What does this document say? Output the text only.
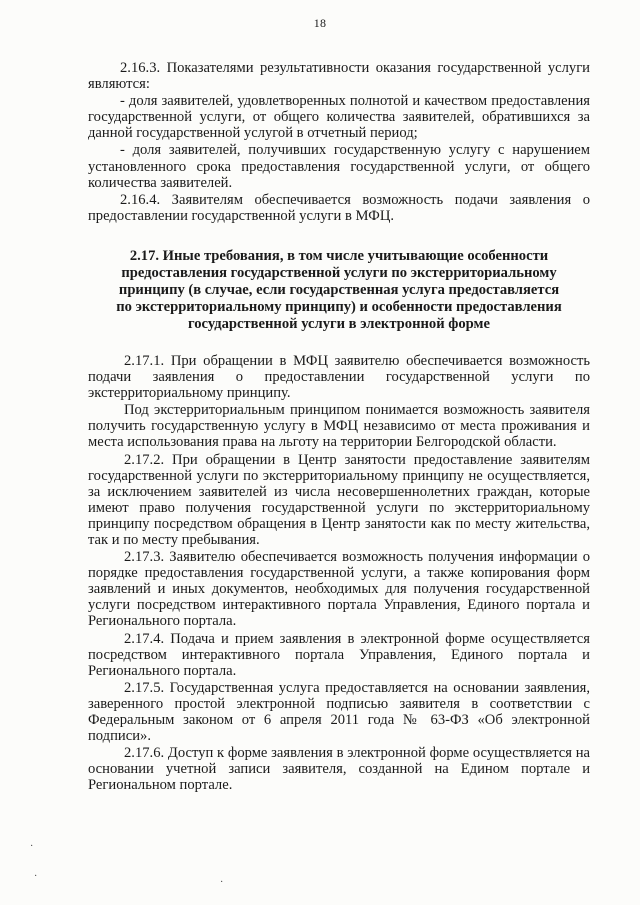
18

2.16.3. Показателями результативности оказания государственной услуги являются:

- доля заявителей, удовлетворенных полнотой и качеством предоставления государственной услуги, от общего количества заявителей, обратившихся за данной государственной услугой в отчетный период;

- доля заявителей, получивших государственную услугу с нарушением установленного срока предоставления государственной услуги, от общего количества заявителей.

2.16.4. Заявителям обеспечивается возможность подачи заявления о предоставлении государственной услуги в МФЦ.

2.17. Иные требования, в том числе учитывающие особенности
предоставления государственной услуги по экстерриториальному
принципу (в случае, если государственная услуга предоставляется
по экстерриториальному принципу) и особенности предоставления
государственной услуги в электронной форме

2.17.1. При обращении в МФЦ заявителю обеспечивается возможность подачи заявления о предоставлении государственной услуги по экстерриториальному принципу.

Под экстерриториальным принципом понимается возможность заявителя получить государственную услугу в МФЦ независимо от места проживания и места использования права на льготу на территории Белгородской области.

2.17.2. При обращении в Центр занятости предоставление заявителям государственной услуги по экстерриториальному принципу не осуществляется, за исключением заявителей из числа несовершеннолетних граждан, которые имеют право получения государственной услуги по экстерриториальному принципу посредством обращения в Центр занятости как по месту жительства, так и по месту пребывания.

2.17.3. Заявителю обеспечивается возможность получения информации о порядке предоставления государственной услуги, а также копирования форм заявлений и иных документов, необходимых для получения государственной услуги посредством интерактивного портала Управления, Единого портала и Регионального портала.

2.17.4. Подача и прием заявления в электронной форме осуществляется посредством интерактивного портала Управления, Единого портала и Регионального портала.

2.17.5. Государственная услуга предоставляется на основании заявления, заверенного простой электронной подписью заявителя в соответствии с Федеральным законом от 6 апреля 2011 года № 63-ФЗ «Об электронной подписи».

2.17.6. Доступ к форме заявления в электронной форме осуществляется на основании учетной записи заявителя, созданной на Едином портале и Региональном портале.

·
·
·
